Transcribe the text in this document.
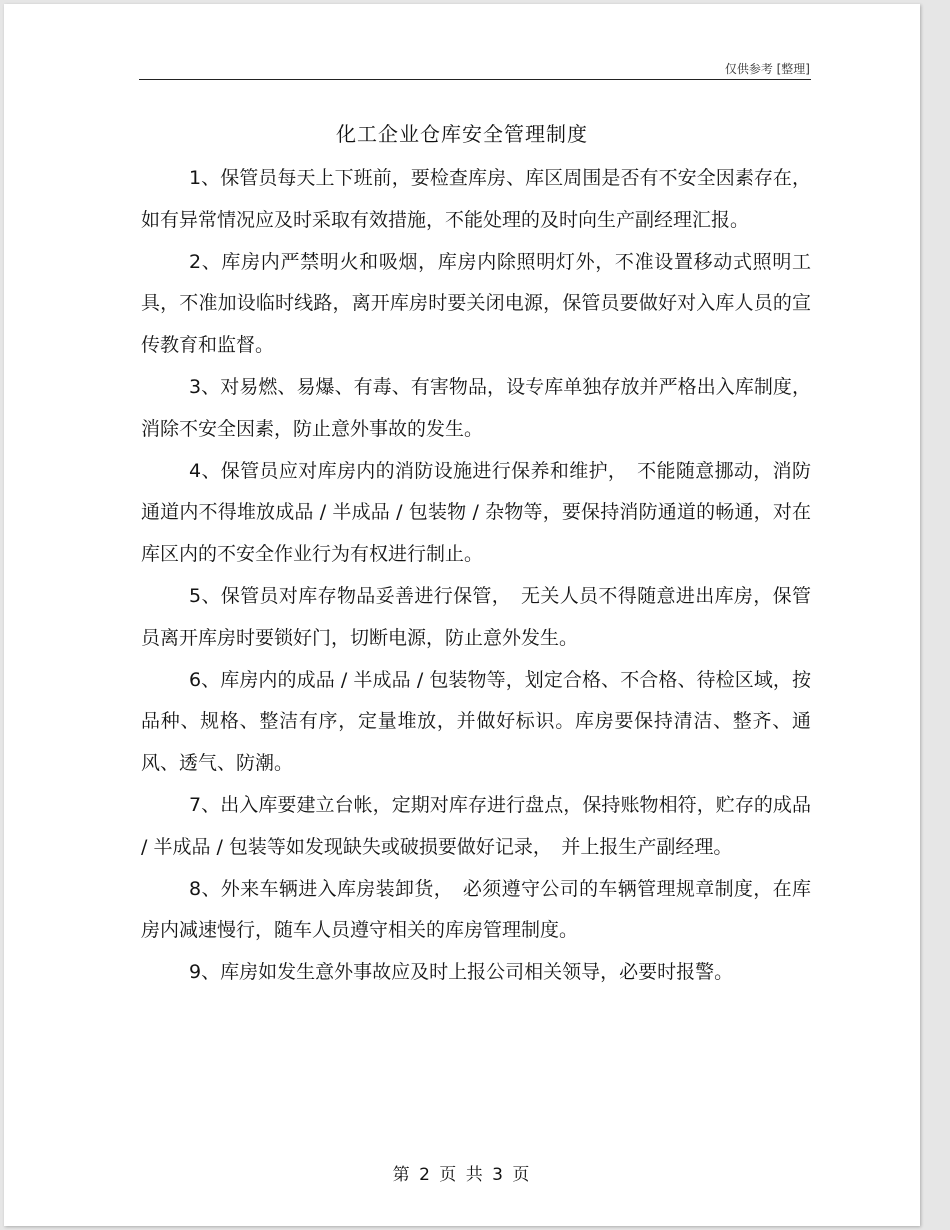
仅供参考 [整理]
化工企业仓库安全管理制度

1、保管员每天上下班前，要检查库房、库区周围是否有不安全因素存在，如有异常情况应及时采取有效措施，不能处理的及时向生产副经理汇报。

2、库房内严禁明火和吸烟，库房内除照明灯外，不准设置移动式照明工具，不准加设临时线路，离开库房时要关闭电源，保管员要做好对入库人员的宣传教育和监督。

3、对易燃、易爆、有毒、有害物品，设专库单独存放并严格出入库制度，消除不安全因素，防止意外事故的发生。

4、保管员应对库房内的消防设施进行保养和维护，　不能随意挪动，消防通道内不得堆放成品 / 半成品 / 包装物 / 杂物等，要保持消防通道的畅通，对在库区内的不安全作业行为有权进行制止。

5、保管员对库存物品妥善进行保管，　无关人员不得随意进出库房，保管员离开库房时要锁好门，切断电源，防止意外发生。

6、库房内的成品 / 半成品 / 包装物等，划定合格、不合格、待检区域，按品种、规格、整洁有序，定量堆放，并做好标识。库房要保持清洁、整齐、通风、透气、防潮。

7、出入库要建立台帐，定期对库存进行盘点，保持账物相符，贮存的成品 / 半成品 / 包装等如发现缺失或破损要做好记录，　并上报生产副经理。

8、外来车辆进入库房装卸货，　必须遵守公司的车辆管理规章制度，在库房内减速慢行，随车人员遵守相关的库房管理制度。

9、库房如发生意外事故应及时上报公司相关领导，必要时报警。

第 2 页 共 3 页
